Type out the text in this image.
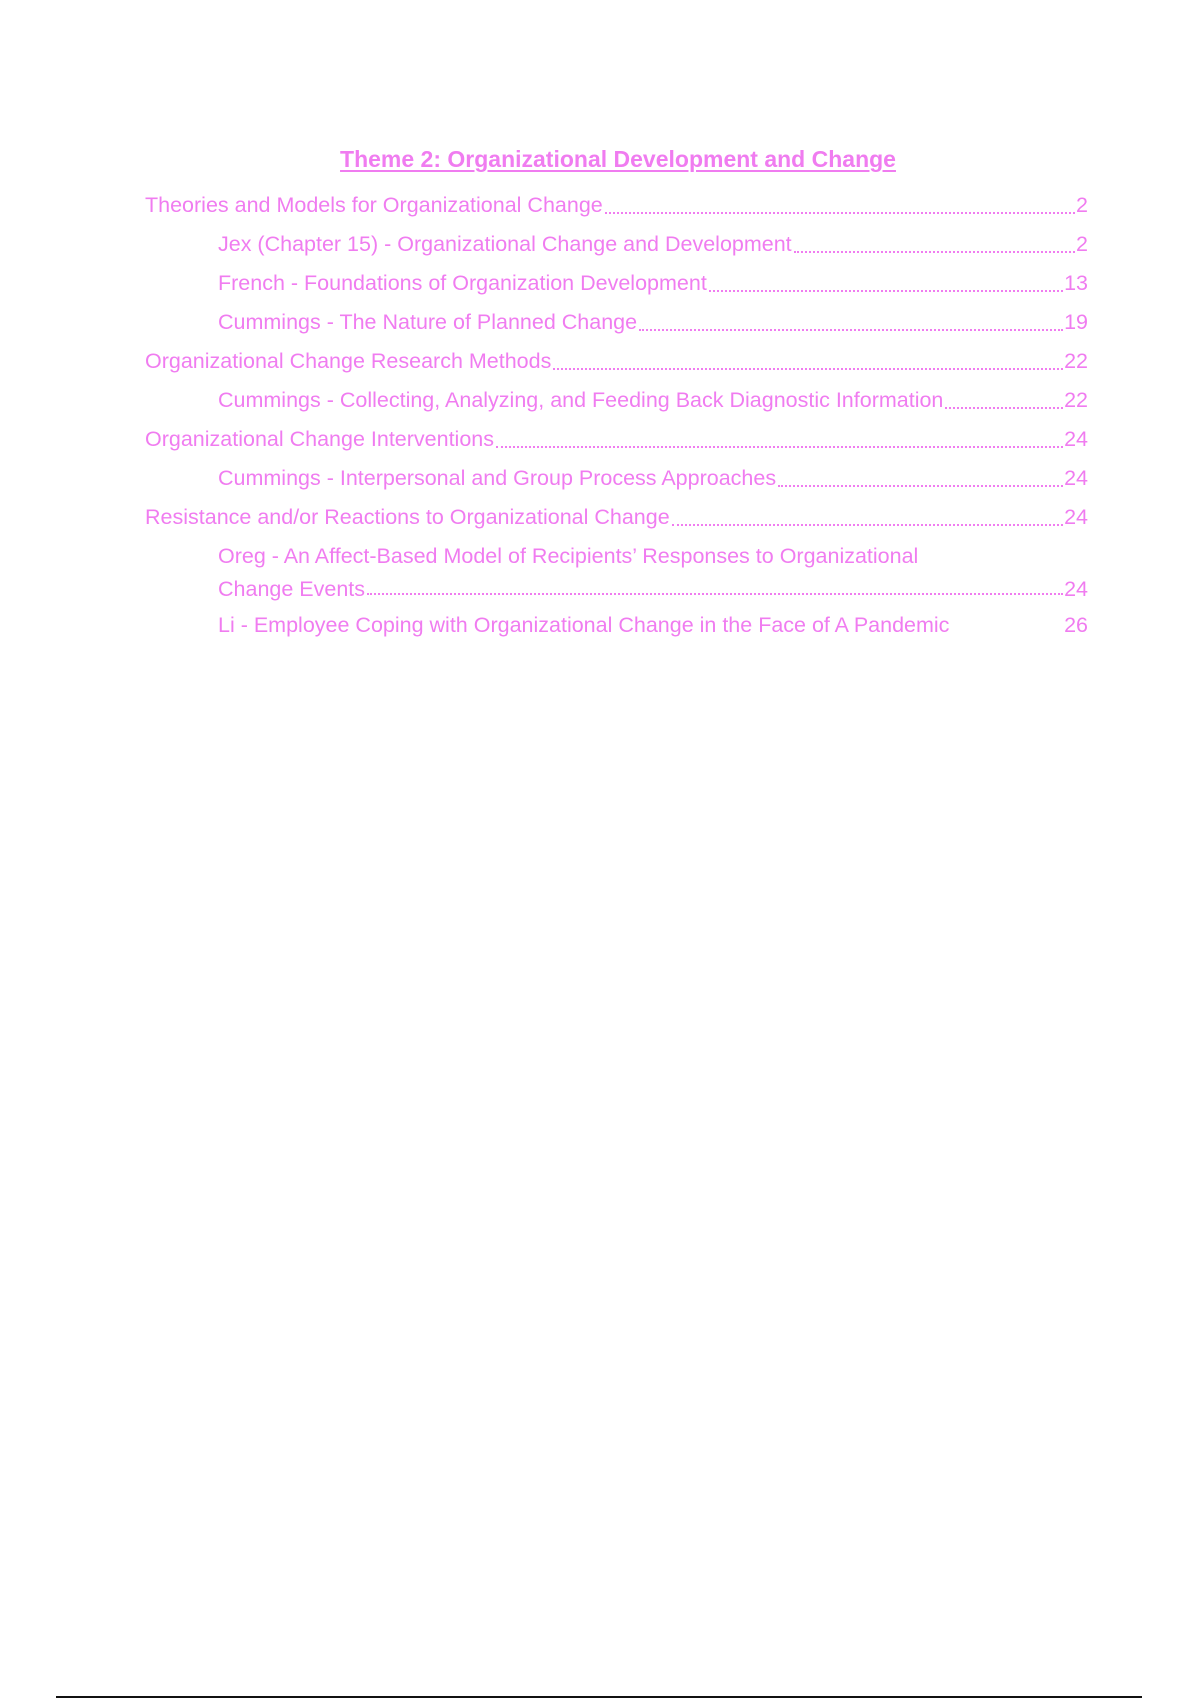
Theme 2: Organizational Development and Change
Theories and Models for Organizational Change	2
Jex (Chapter 15) - Organizational Change and Development	2
French - Foundations of Organization Development	13
Cummings - The Nature of Planned Change	19
Organizational Change Research Methods	22
Cummings - Collecting, Analyzing, and Feeding Back Diagnostic Information	22
Organizational Change Interventions	24
Cummings - Interpersonal and Group Process Approaches	24
Resistance and/or Reactions to Organizational Change	24
Oreg - An Affect-Based Model of Recipients’ Responses to Organizational
Change Events	24
Li - Employee Coping with Organizational Change in the Face of A Pandemic	26
